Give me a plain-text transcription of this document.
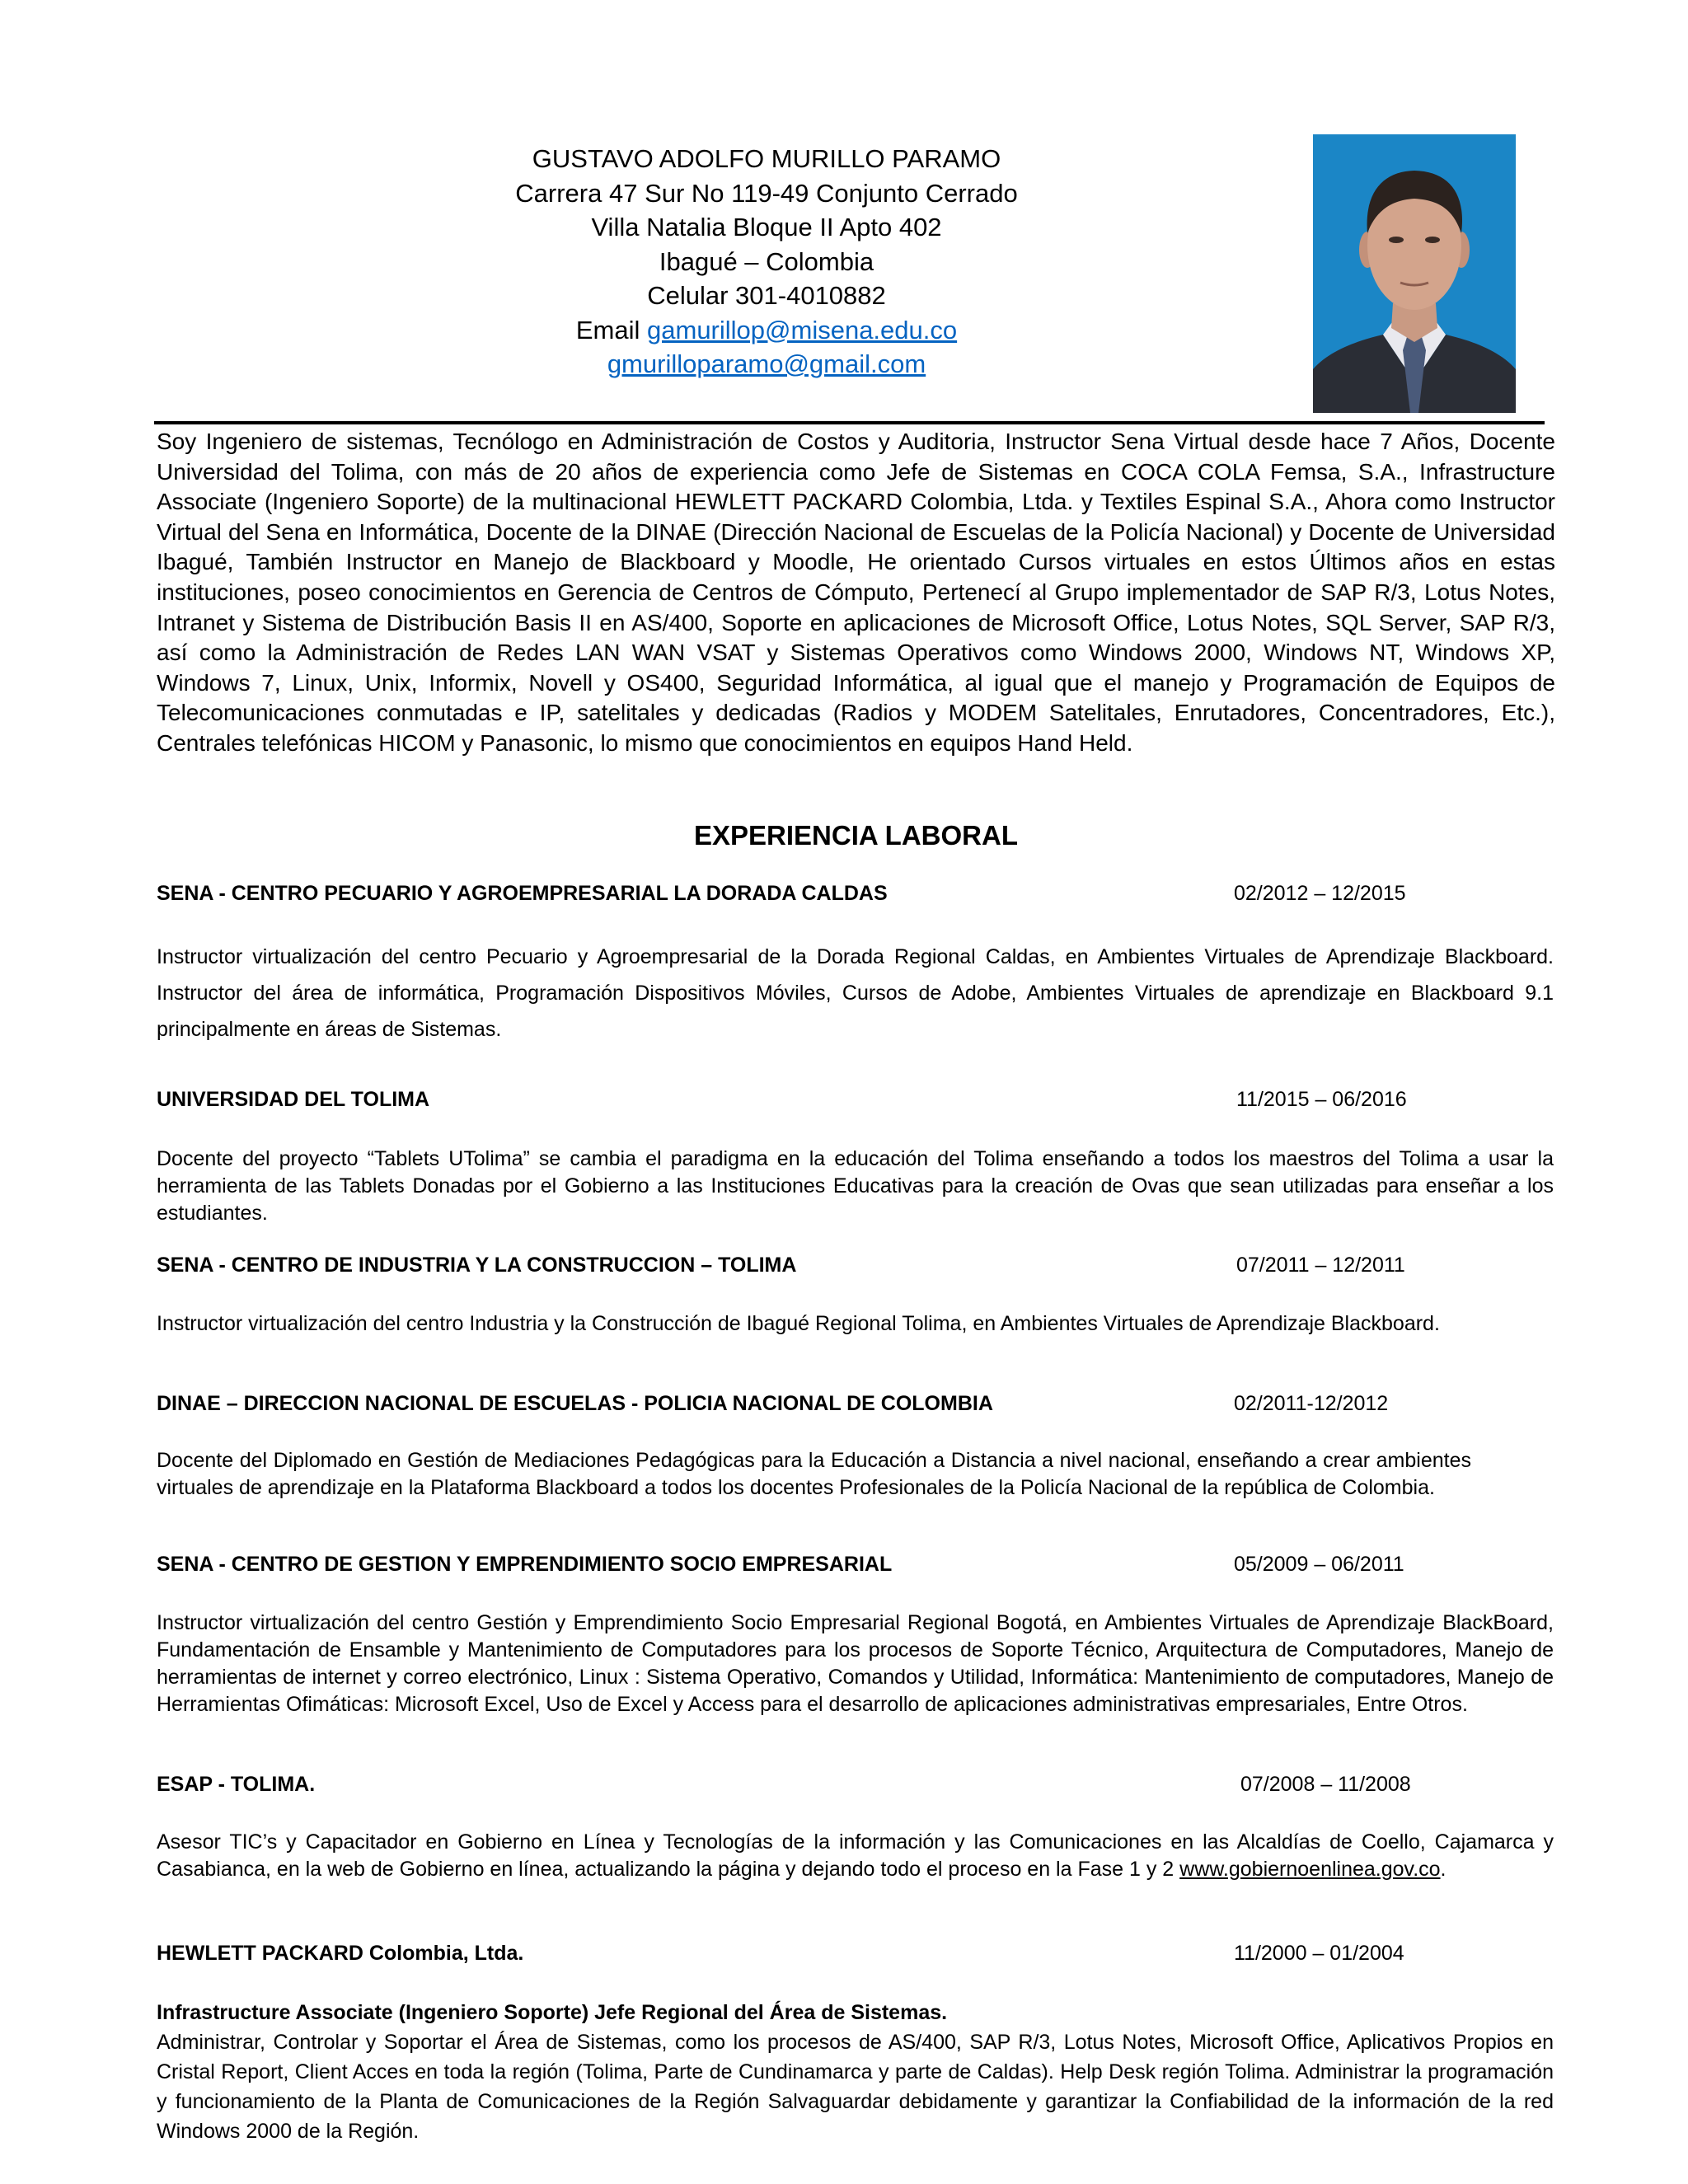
GUSTAVO ADOLFO MURILLO PARAMO
Carrera 47 Sur No 119-49 Conjunto Cerrado
Villa Natalia Bloque II Apto 402
Ibagué – Colombia
Celular 301-4010882
Email gamurillop@misena.edu.co
gmurilloparamo@gmail.com
Soy Ingeniero de sistemas, Tecnólogo en Administración de Costos y Auditoria, Instructor Sena Virtual desde hace 7 Años, Docente Universidad del Tolima, con más de 20 años de experiencia como Jefe de Sistemas en COCA COLA Femsa, S.A., Infrastructure Associate (Ingeniero Soporte) de la multinacional HEWLETT PACKARD Colombia, Ltda. y Textiles Espinal S.A., Ahora como Instructor Virtual del Sena en Informática, Docente de la DINAE (Dirección Nacional de Escuelas de la Policía Nacional) y Docente de Universidad Ibagué, También Instructor en Manejo de Blackboard y Moodle, He orientado Cursos virtuales en estos Últimos años en estas instituciones, poseo conocimientos en Gerencia de Centros de Cómputo, Pertenecí al Grupo implementador de SAP R/3, Lotus Notes, Intranet y Sistema de Distribución Basis II en AS/400, Soporte en aplicaciones de Microsoft Office, Lotus Notes, SQL Server, SAP R/3, así como la Administración de Redes LAN WAN VSAT y Sistemas Operativos como Windows 2000, Windows NT, Windows XP, Windows 7, Linux, Unix, Informix, Novell y OS400, Seguridad Informática, al igual que el manejo y Programación de Equipos de Telecomunicaciones conmutadas e IP, satelitales y dedicadas (Radios y MODEM Satelitales, Enrutadores, Concentradores, Etc.), Centrales telefónicas HICOM y Panasonic, lo mismo que conocimientos en equipos Hand Held.
EXPERIENCIA LABORAL
SENA - CENTRO PECUARIO Y AGROEMPRESARIAL LA DORADA CALDAS	02/2012 – 12/2015
Instructor virtualización del centro Pecuario y Agroempresarial de la Dorada Regional Caldas, en Ambientes Virtuales de Aprendizaje Blackboard. Instructor del área de informática, Programación Dispositivos Móviles, Cursos de Adobe, Ambientes Virtuales de aprendizaje en Blackboard 9.1 principalmente en áreas de Sistemas.
UNIVERSIDAD DEL TOLIMA	11/2015 – 06/2016
Docente del proyecto “Tablets UTolima” se cambia el paradigma en la educación del Tolima enseñando a todos los maestros del Tolima a usar la herramienta de las Tablets Donadas por el Gobierno a las Instituciones Educativas para la creación de Ovas que sean utilizadas para enseñar a los estudiantes.
SENA - CENTRO DE INDUSTRIA Y LA CONSTRUCCION – TOLIMA	07/2011 – 12/2011
Instructor virtualización del centro Industria y la Construcción de Ibagué Regional Tolima, en Ambientes Virtuales de Aprendizaje Blackboard.
DINAE – DIRECCION NACIONAL DE ESCUELAS - POLICIA NACIONAL DE COLOMBIA	02/2011-12/2012
Docente del Diplomado en Gestión de Mediaciones Pedagógicas para la Educación a Distancia a nivel nacional, enseñando a crear ambientes virtuales de aprendizaje en la Plataforma Blackboard a todos los docentes Profesionales de la Policía Nacional de la república de Colombia.
SENA - CENTRO DE GESTION Y EMPRENDIMIENTO SOCIO EMPRESARIAL	05/2009 – 06/2011
Instructor virtualización del centro Gestión y Emprendimiento Socio Empresarial Regional Bogotá, en Ambientes Virtuales de Aprendizaje BlackBoard, Fundamentación de Ensamble y Mantenimiento de Computadores para los procesos de Soporte Técnico, Arquitectura de Computadores, Manejo de herramientas de internet y correo electrónico, Linux : Sistema Operativo, Comandos y Utilidad, Informática: Mantenimiento de computadores, Manejo de Herramientas Ofimáticas: Microsoft Excel, Uso de Excel y Access para el desarrollo de aplicaciones administrativas empresariales, Entre Otros.
ESAP - TOLIMA.	07/2008 – 11/2008
Asesor TIC’s y Capacitador en Gobierno en Línea y Tecnologías de la información y las Comunicaciones en las Alcaldías de Coello, Cajamarca y Casabianca, en la web de Gobierno en línea, actualizando la página y dejando todo el proceso en la Fase 1 y 2 www.gobiernoenlinea.gov.co.
HEWLETT PACKARD Colombia, Ltda.	11/2000 – 01/2004
Infrastructure Associate (Ingeniero Soporte) Jefe Regional del Área de Sistemas.
Administrar, Controlar y Soportar el Área de Sistemas, como los procesos de AS/400, SAP R/3, Lotus Notes, Microsoft Office, Aplicativos Propios en Cristal Report, Client Acces en toda la región (Tolima, Parte de Cundinamarca y parte de Caldas). Help Desk región Tolima. Administrar la programación y funcionamiento de la Planta de Comunicaciones de la Región Salvaguardar debidamente y garantizar la Confiabilidad de la información de la red Windows 2000 de la Región.
